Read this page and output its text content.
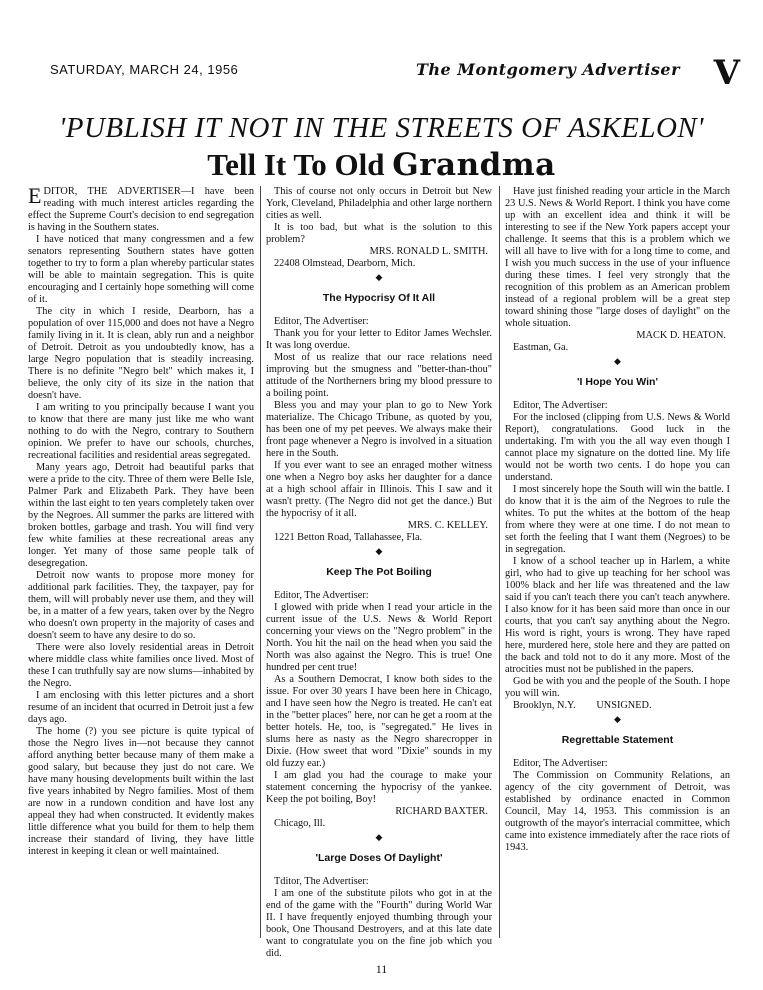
SATURDAY, MARCH 24, 1956	The Montgomery Advertiser V
'PUBLISH IT NOT IN THE STREETS OF ASKELON'
Tell It To Old Grandma

EDITOR, THE ADVERTISER—I have been reading with much interest articles regarding the effect the Supreme Court's decision to end segregation is having in the Southern states.

I have noticed that many congressmen and a few senators representing Southern states have gotten together to try to form a plan whereby particular states will be able to maintain segregation. This is quite encouraging and I certainly hope something will come of it.

The city in which I reside, Dearborn, has a population of over 115,000 and does not have a Negro family living in it. It is clean, ably run and a neighbor of Detroit. Detroit as you undoubtedly know, has a large Negro population that is steadily increasing. There is no definite "Negro belt" which makes it, I believe, the only city of its size in the nation that doesn't have.

I am writing to you principally because I want you to know that there are many just like me who want nothing to do with the Negro, contrary to Southern opinion. We prefer to have our schools, churches, recreational facilities and residential areas segregated.

Many years ago, Detroit had beautiful parks that were a pride to the city. Three of them were Belle Isle, Palmer Park and Elizabeth Park. They have been within the last eight to ten years completely taken over by the Negroes. All summer the parks are littered with broken bottles, garbage and trash. You will find very few white families at these recreational areas any longer. Yet many of those same people talk of desegregation.

Detroit now wants to propose more money for additional park facilities. They, the taxpayer, pay for them, will will probably never use them, and they will be, in a matter of a few years, taken over by the Negro who doesn't own property in the majority of cases and doesn't seem to have any desire to do so.

There were also lovely residential areas in Detroit where middle class white families once lived. Most of these I can truthfully say are now slums—inhabited by the Negro.

I am enclosing with this letter pictures and a short resume of an incident that ocurred in Detroit just a few days ago.

The home (?) you see picture is quite typical of those the Negro lives in—not because they cannot afford anything better because many of them make a good salary, but because they just do not care. We have many housing developments built within the last five years inhabited by Negro families. Most of them are now in a rundown condition and have lost any appeal they had when constructed. It evidently makes little difference what you build for them to help them increase their standard of living, they have little interest in keeping it clean or well maintained.

This of course not only occurs in Detroit but New York, Cleveland, Philadelphia and other large northern cities as well.

It is too bad, but what is the solution to this problem?

MRS. RONALD L. SMITH.

22408 Olmstead, Dearborn, Mich.

◆
The Hypocrisy Of It All

Editor, The Advertiser:

Thank you for your letter to Editor James Wechsler. It was long overdue.

Most of us realize that our race relations need improving but the smugness and "better-than-thou" attitude of the Northerners bring my blood pressure to a boiling point.

Bless you and may your plan to go to New York materialize. The Chicago Tribune, as quoted by you, has been one of my pet peeves. We always make their front page whenever a Negro is involved in a situation here in the South.

If you ever want to see an enraged mother witness one when a Negro boy asks her daughter for a dance at a high school affair in Illinois. This I saw and it wasn't pretty. (The Negro did not get the dance.) But the hypocrisy of it all.

MRS. C. KELLEY.

1221 Betton Road, Tallahassee, Fla.

◆
Keep The Pot Boiling

Editor, The Advertiser:

I glowed with pride when I read your article in the current issue of the U.S. News & World Report concerning your views on the "Negro problem" in the North. You hit the nail on the head when you said the North was also against the Negro. This is true! One hundred per cent true!

As a Southern Democrat, I know both sides to the issue. For over 30 years I have been here in Chicago, and I have seen how the Negro is treated. He can't eat in the "better places" here, nor can he get a room at the better hotels. He, too, is "segregated." He lives in slums here as nasty as the Negro sharecropper in Dixie. (How sweet that word "Dixie" sounds in my old fuzzy ear.)

I am glad you had the courage to make your statement concerning the hypocrisy of the yankee. Keep the pot boiling, Boy!

RICHARD BAXTER.

Chicago, Ill.

◆
'Large Doses Of Daylight'

Tditor, The Advertiser:

I am one of the substitute pilots who got in at the end of the game with the "Fourth" during World War II. I have frequently enjoyed thumbing through your book, One Thousand Destroyers, and at this late date want to congratulate you on the fine job which you did.

Have just finished reading your article in the March 23 U.S. News & World Report. I think you have come up with an excellent idea and think it will be interesting to see if the New York papers accept your challenge. It seems that this is a problem which we will all have to live with for a long time to come, and I wish you much success in the use of your influence during these times. I feel very strongly that the recognition of this problem as an American problem instead of a regional problem will be a great step toward shining those "large doses of daylight" on the whole situation.

MACK D. HEATON.

Eastman, Ga.

◆
'I Hope You Win'

Editor, The Advertiser:

For the inclosed (clipping from U.S. News & World Report), congratulations. Good luck in the undertaking. I'm with you the all way even though I cannot place my signature on the dotted line. My life would not be worth two cents. I do hope you can understand.

I most sincerely hope the South will win the battle. I do know that it is the aim of the Negroes to rule the whites. To put the whites at the bottom of the heap from where they were at one time. I do not mean to set forth the feeling that I want them (Negroes) to be in segregation.

I know of a school teacher up in Harlem, a white girl, who had to give up teaching for her school was 100% black and her life was threatened and the law said if you can't teach there you can't teach anywhere. I also know for it has been said more than once in our courts, that you can't say anything about the Negro. His word is right, yours is wrong. They have raped here, murdered here, stole here and they are patted on the back and told not to do it any more. Most of the atrocities must not be published in the papers.

God be with you and the people of the South. I hope you will win.

Brooklyn, N.Y. UNSIGNED.

◆
Regrettable Statement

Editor, The Advertiser:

The Commission on Community Relations, an agency of the city government of Detroit, was established by ordinance enacted in Common Council, May 14, 1953. This commission is an outgrowth of the mayor's interracial committee, which came into existence immediately after the race riots of 1943.

11
